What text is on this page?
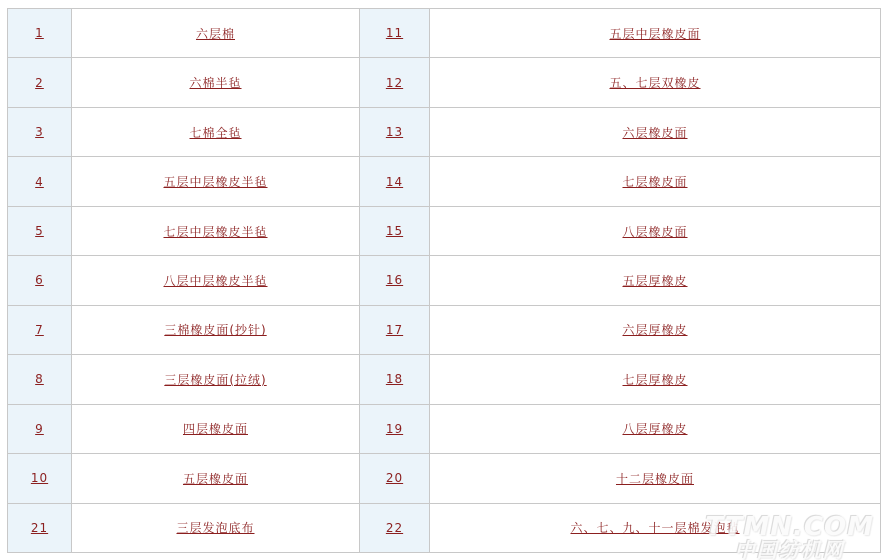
1	六层棉	11	五层中层橡皮面
2	六棉半毡	12	五、七层双橡皮
3	七棉全毡	13	六层橡皮面
4	五层中层橡皮半毡	14	七层橡皮面
5	七层中层橡皮半毡	15	八层橡皮面
6	八层中层橡皮半毡	16	五层厚橡皮
7	三棉橡皮面(抄针)	17	六层厚橡皮
8	三层橡皮面(拉绒)	18	七层厚橡皮
9	四层橡皮面	19	八层厚橡皮
10	五层橡皮面	20	十二层橡皮面
21	三层发泡底布	22	六、七、九、十一层棉发泡毡
TTMN.COM
中国纺机网
